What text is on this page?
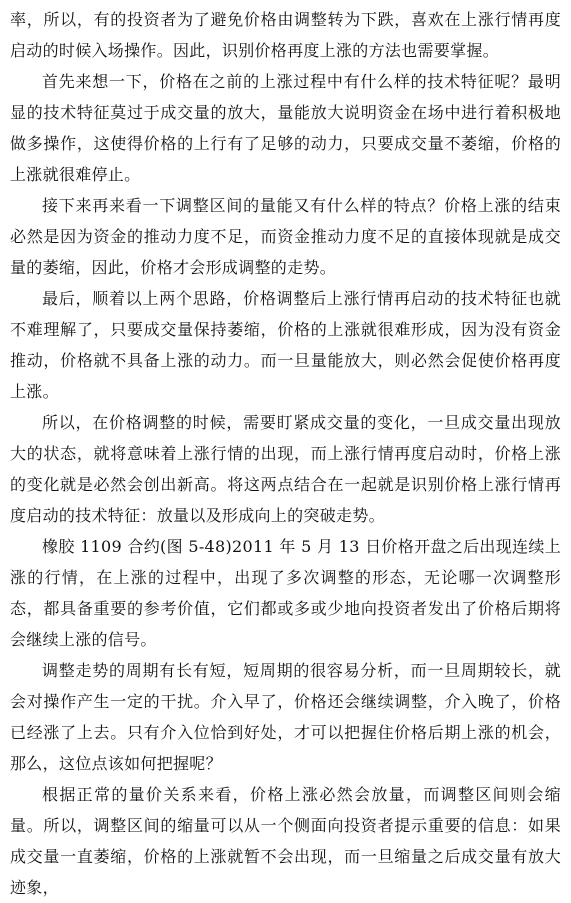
率，所以，有的投资者为了避免价格由调整转为下跌，喜欢在上涨行情再度启动的时候入场操作。因此，识别价格再度上涨的方法也需要掌握。

首先来想一下，价格在之前的上涨过程中有什么样的技术特征呢？最明显的技术特征莫过于成交量的放大，量能放大说明资金在场中进行着积极地做多操作，这使得价格的上行有了足够的动力，只要成交量不萎缩，价格的上涨就很难停止。

接下来再来看一下调整区间的量能又有什么样的特点？价格上涨的结束必然是因为资金的推动力度不足，而资金推动力度不足的直接体现就是成交量的萎缩，因此，价格才会形成调整的走势。

最后，顺着以上两个思路，价格调整后上涨行情再启动的技术特征也就不难理解了，只要成交量保持萎缩，价格的上涨就很难形成，因为没有资金推动，价格就不具备上涨的动力。而一旦量能放大，则必然会促使价格再度上涨。

所以，在价格调整的时候，需要盯紧成交量的变化，一旦成交量出现放大的状态，就将意味着上涨行情的出现，而上涨行情再度启动时，价格上涨的变化就是必然会创出新高。将这两点结合在一起就是识别价格上涨行情再度启动的技术特征：放量以及形成向上的突破走势。

橡胶 1109 合约(图 5-48)2011 年 5 月 13 日价格开盘之后出现连续上涨的行情，在上涨的过程中，出现了多次调整的形态，无论哪一次调整形态，都具备重要的参考价值，它们都或多或少地向投资者发出了价格后期将会继续上涨的信号。

调整走势的周期有长有短，短周期的很容易分析，而一旦周期较长，就会对操作产生一定的干扰。介入早了，价格还会继续调整，介入晚了，价格已经涨了上去。只有介入位恰到好处，才可以把握住价格后期上涨的机会，那么，这位点该如何把握呢？

根据正常的量价关系来看，价格上涨必然会放量，而调整区间则会缩量。所以，调整区间的缩量可以从一个侧面向投资者提示重要的信息：如果成交量一直萎缩，价格的上涨就暂不会出现，而一旦缩量之后成交量有放大迹象，
